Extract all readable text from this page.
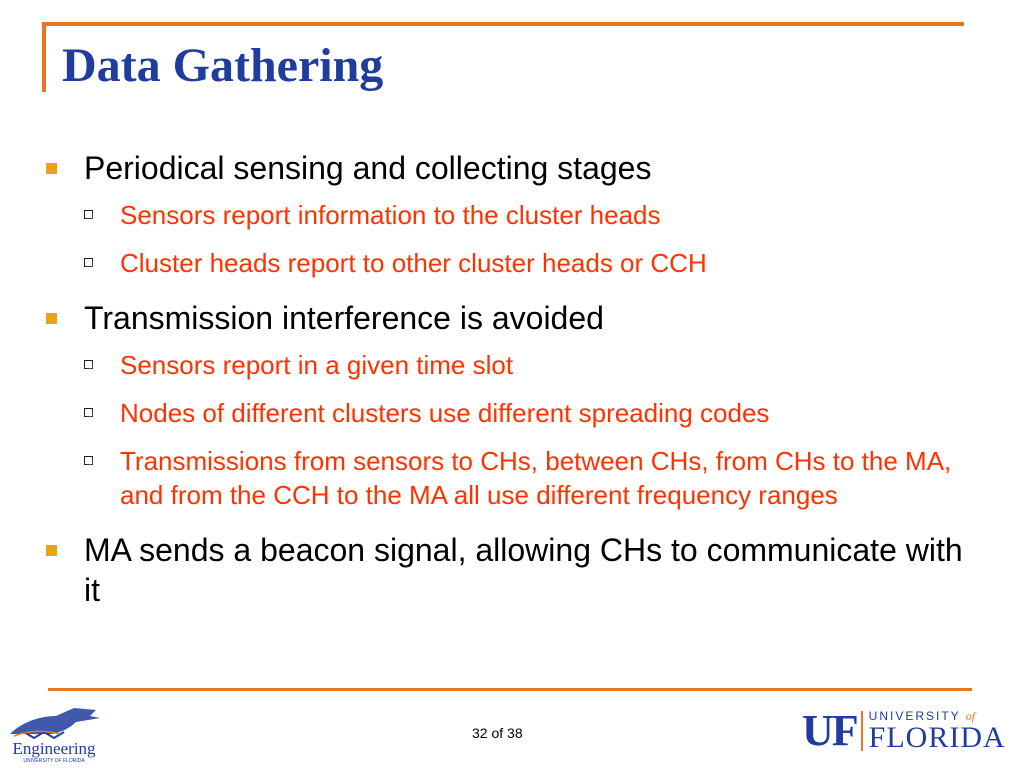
Data Gathering
Periodical sensing and collecting stages
Sensors report information to the cluster heads
Cluster heads report to other cluster heads or CCH
Transmission interference is avoided
Sensors report in a given time slot
Nodes of different clusters use different spreading codes
Transmissions from sensors to CHs, between CHs, from CHs to the MA, and from the CCH to the MA all use different frequency ranges
MA sends a beacon signal, allowing CHs to communicate with it
Engineering
UNIVERSITY OF FLORIDA
32 of 38	UF UNIVERSITY of
FLORIDA
